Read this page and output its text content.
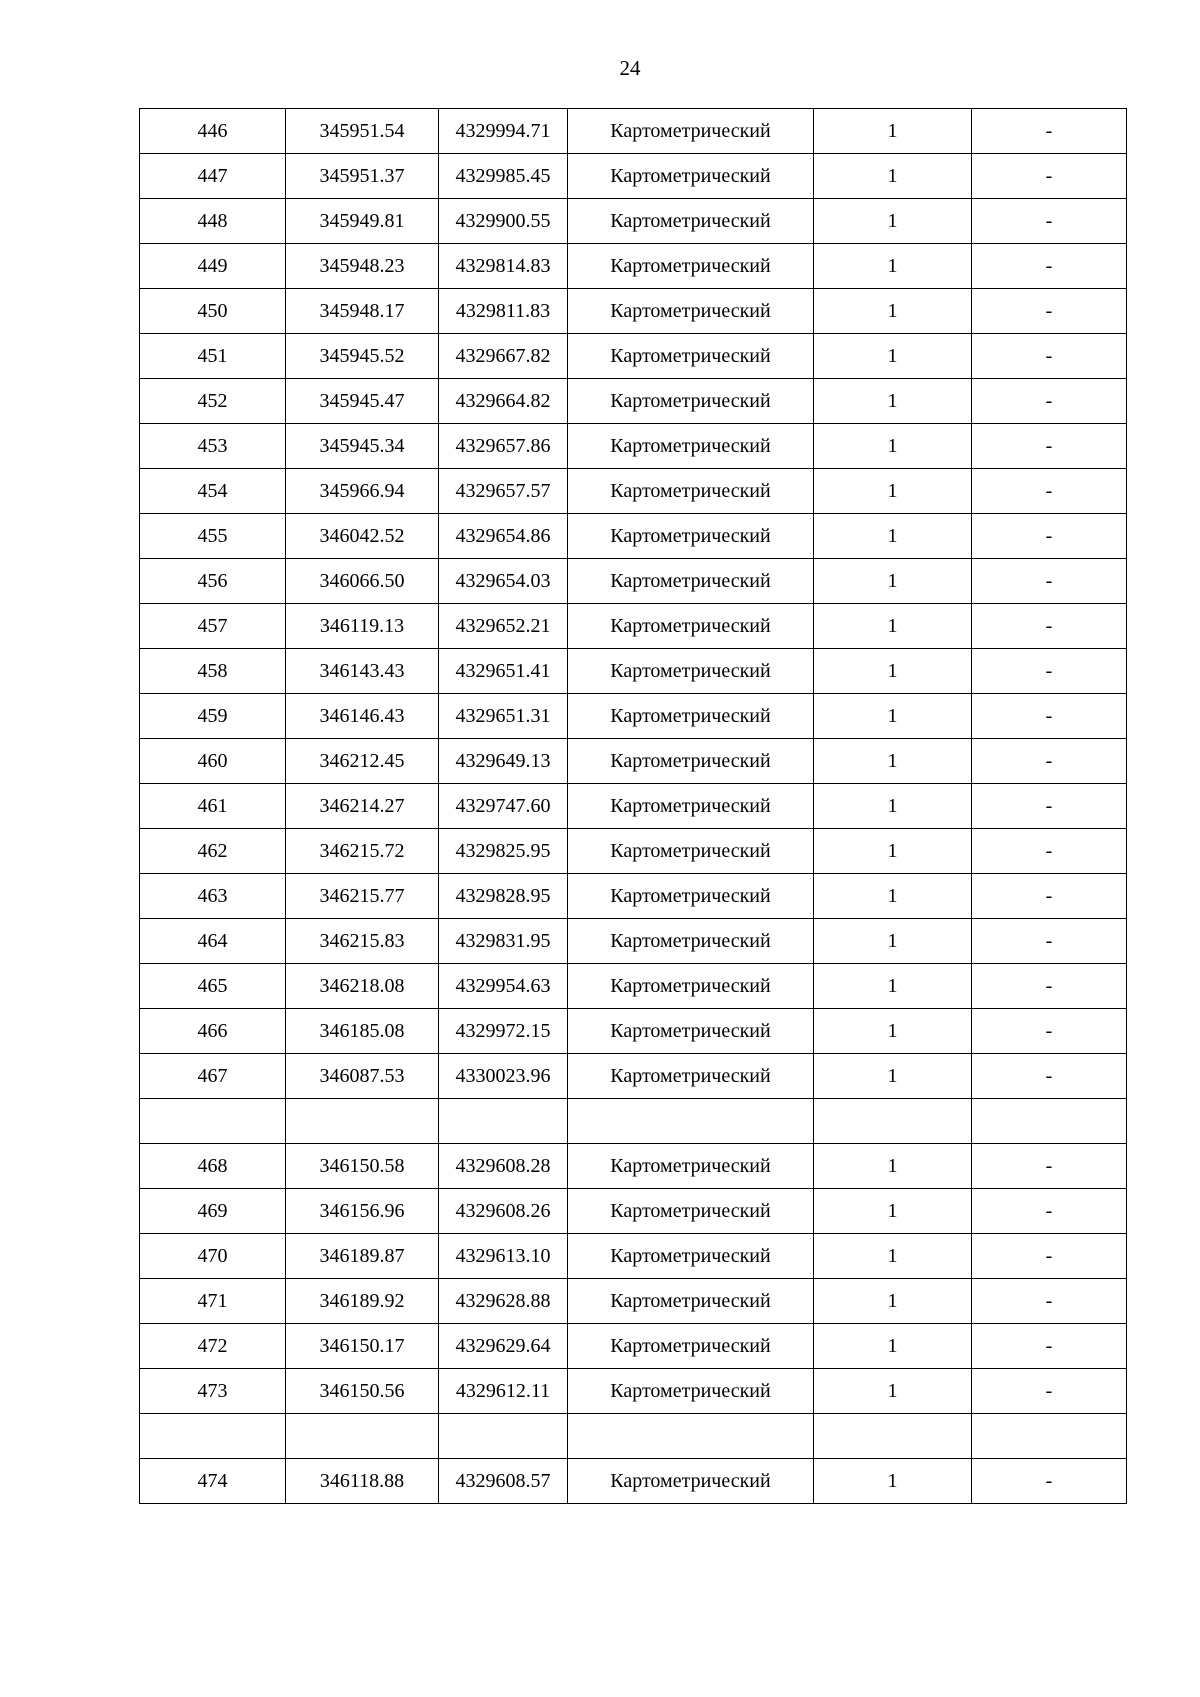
24
446	345951.54	4329994.71	Картометрический	1	-
447	345951.37	4329985.45	Картометрический	1	-
448	345949.81	4329900.55	Картометрический	1	-
449	345948.23	4329814.83	Картометрический	1	-
450	345948.17	4329811.83	Картометрический	1	-
451	345945.52	4329667.82	Картометрический	1	-
452	345945.47	4329664.82	Картометрический	1	-
453	345945.34	4329657.86	Картометрический	1	-
454	345966.94	4329657.57	Картометрический	1	-
455	346042.52	4329654.86	Картометрический	1	-
456	346066.50	4329654.03	Картометрический	1	-
457	346119.13	4329652.21	Картометрический	1	-
458	346143.43	4329651.41	Картометрический	1	-
459	346146.43	4329651.31	Картометрический	1	-
460	346212.45	4329649.13	Картометрический	1	-
461	346214.27	4329747.60	Картометрический	1	-
462	346215.72	4329825.95	Картометрический	1	-
463	346215.77	4329828.95	Картометрический	1	-
464	346215.83	4329831.95	Картометрический	1	-
465	346218.08	4329954.63	Картометрический	1	-
466	346185.08	4329972.15	Картометрический	1	-
467	346087.53	4330023.96	Картометрический	1	-

468	346150.58	4329608.28	Картометрический	1	-
469	346156.96	4329608.26	Картометрический	1	-
470	346189.87	4329613.10	Картометрический	1	-
471	346189.92	4329628.88	Картометрический	1	-
472	346150.17	4329629.64	Картометрический	1	-
473	346150.56	4329612.11	Картометрический	1	-

474	346118.88	4329608.57	Картометрический	1	-
